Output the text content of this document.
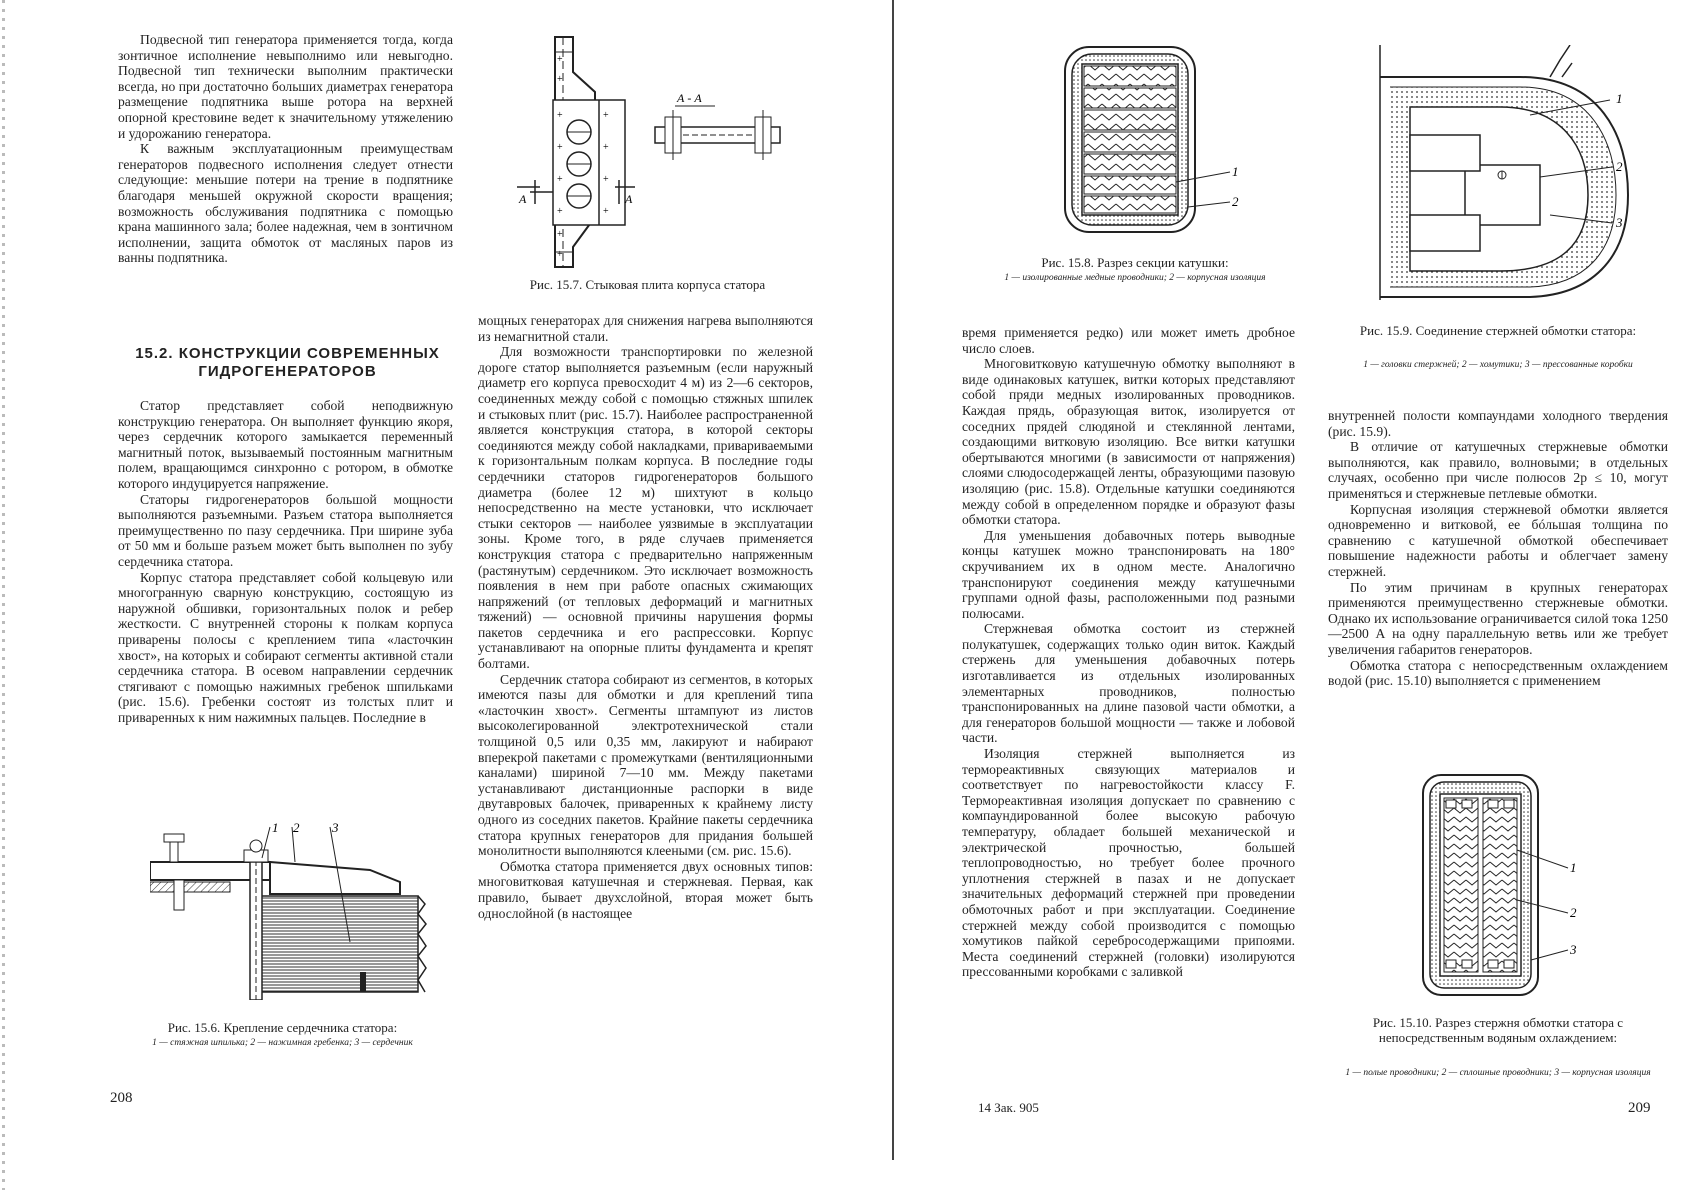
Подвесной тип генератора применяется тогда, когда зонтичное исполнение невыполнимо или невыгодно. Подвесной тип технически выполним практически всегда, но при достаточно больших диаметрах генератора размещение подпятника выше ротора на верхней опорной крестовине ведет к значительному утяжелению и удорожанию генератора.

К важным эксплуатационным преимуществам генераторов подвесного исполнения следует отнести следующие: меньшие потери на трение в подпятнике благодаря меньшей окружной скорости вращения; возможность обслуживания подпятника с помощью крана машинного зала; более надежная, чем в зонтичном исполнении, защита обмоток от масляных паров из ванны подпятника.

15.2. КОНСТРУКЦИИ СОВРЕМЕННЫХ ГИДРОГЕНЕРАТОРОВ

Статор представляет собой неподвижную конструкцию генератора. Он выполняет функцию якоря, через сердечник которого замыкается переменный магнитный поток, вызываемый постоянным магнитным полем, вращающимся синхронно с ротором, в обмотке которого индуцируется напряжение.

Статоры гидрогенераторов большой мощности выполняются разъемными. Разъем статора выполняется преимущественно по пазу сердечника. При ширине зуба от 50 мм и больше разъем может быть выполнен по зубу сердечника статора.

Корпус статора представляет собой кольцевую или многогранную сварную конструкцию, состоящую из наружной обшивки, горизонтальных полок и ребер жесткости. С внутренней стороны к полкам корпуса приварены полосы с креплением типа «ласточкин хвост», на которых и собирают сегменты активной стали сердечника статора. В осевом направлении сердечник стягивают с помощью нажимных гребенок шпильками (рис. 15.6). Гребенки состоят из толстых плит и приваренных к ним нажимных пальцев. Последние в

1 2	3
Рис. 15.6. Крепление сердечника статора:
1 — стяжная шпилька; 2 — нажимная гребенка; 3 — сердечник
208
+
+
+
+
+
+
+
+
+
+
+
+
А	А
А - А
Рис. 15.7. Стыковая плита корпуса статора

мощных генераторах для снижения нагрева выполняются из немагнитной стали.

Для возможности транспортировки по железной дороге статор выполняется разъемным (если наружный диаметр его корпуса превосходит 4 м) из 2—6 секторов, соединенных между собой с помощью стяжных шпилек и стыковых плит (рис. 15.7). Наиболее распространенной является конструкция статора, в которой секторы соединяются между собой накладками, привариваемыми к горизонтальным полкам корпуса. В последние годы сердечники статоров гидрогенераторов большого диаметра (более 12 м) шихтуют в кольцо непосредственно на месте установки, что исключает стыки секторов — наиболее уязвимые в эксплуатации зоны. Кроме того, в ряде случаев применяется конструкция статора с предварительно напряженным (растянутым) сердечником. Это исключает возможность появления в нем при работе опасных сжимающих напряжений (от тепловых деформаций и магнитных тяжений) — основной причины нарушения формы пакетов сердечника и его распрессовки. Корпус устанавливают на опорные плиты фундамента и крепят болтами.

Сердечник статора собирают из сегментов, в которых имеются пазы для обмотки и для креплений типа «ласточкин хвост». Сегменты штампуют из листов высоколегированной электротехнической стали толщиной 0,5 или 0,35 мм, лакируют и набирают вперекрой пакетами с промежутками (вентиляционными каналами) шириной 7—10 мм. Между пакетами устанавливают дистанционные распорки в виде двутавровых балочек, приваренных к крайнему листу одного из соседних пакетов. Крайние пакеты сердечника статора крупных генераторов для придания большей монолитности выполняются клееными (см. рис. 15.6).

Обмотка статора применяется двух основных типов: многовитковая катушечная и стержневая. Первая, как правило, бывает двухслойной, вторая может быть однослойной (в настоящее

1
2
Рис. 15.8. Разрез секции катушки:
1 — изолированные медные проводники; 2 — корпусная изоляция

время применяется редко) или может иметь дробное число слоев.

Многовитковую катушечную обмотку выполняют в виде одинаковых катушек, витки которых представляют собой пряди медных изолированных проводников. Каждая прядь, образующая виток, изолируется от соседних прядей слюдяной и стеклянной лентами, создающими витковую изоляцию. Все витки катушки обертываются многими (в зависимости от напряжения) слоями слюдосодержащей ленты, образующими пазовую изоляцию (рис. 15.8). Отдельные катушки соединяются между собой в определенном порядке и образуют фазы обмотки статора.

Для уменьшения добавочных потерь выводные концы катушек можно транспонировать на 180° скручиванием их в одном месте. Аналогично транспонируют соединения между катушечными группами одной фазы, расположенными под разными полюсами.

Стержневая обмотка состоит из стержней полукатушек, содержащих только один виток. Каждый стержень для уменьшения добавочных потерь изготавливается из отдельных изолированных элементарных проводников, полностью транспонированных на длине пазовой части обмотки, а для генераторов большой мощности — также и лобовой части.

Изоляция стержней выполняется из термореактивных связующих материалов и соответствует по нагревостойкости классу F. Термореактивная изоляция допускает по сравнению с компаундированной более высокую рабочую температуру, обладает большей механической и электрической прочностью, большей теплопроводностью, но требует более прочного уплотнения стержней в пазах и не допускает значительных деформаций стержней при проведении обмоточных работ и при эксплуатации. Соединение стержней между собой производится с помощью хомутиков пайкой серебросодержащими припоями. Места соединений стержней (головки) изолируются прессованными коробками с заливкой

14 Зак. 905
1
2
3
Рис. 15.9. Соединение стержней обмотки статора:
1 — головки стержней; 2 — хомутики; 3 — прессованные коробки

внутренней полости компаундами холодного твердения (рис. 15.9).

В отличие от катушечных стержневые обмотки выполняются, как правило, волновыми; в отдельных случаях, особенно при числе полюсов 2p ≤ 10, могут применяться и стержневые петлевые обмотки.

Корпусная изоляция стержневой обмотки является одновременно и витковой, ее бóльшая толщина по сравнению с катушечной обмоткой обеспечивает повышение надежности работы и облегчает замену стержней.

По этим причинам в крупных генераторах применяются преимущественно стержневые обмотки. Однако их использование ограничивается силой тока 1250—2500 А на одну параллельную ветвь или же требует увеличения габаритов генераторов.

Обмотка статора с непосредственным охлаждением водой (рис. 15.10) выполняется с применением

1
2
3
Рис. 15.10. Разрез стержня обмотки статора с непосредственным водяным охлаждением:
1 — полые проводники; 2 — сплошные проводники; 3 — корпусная изоляция
209
